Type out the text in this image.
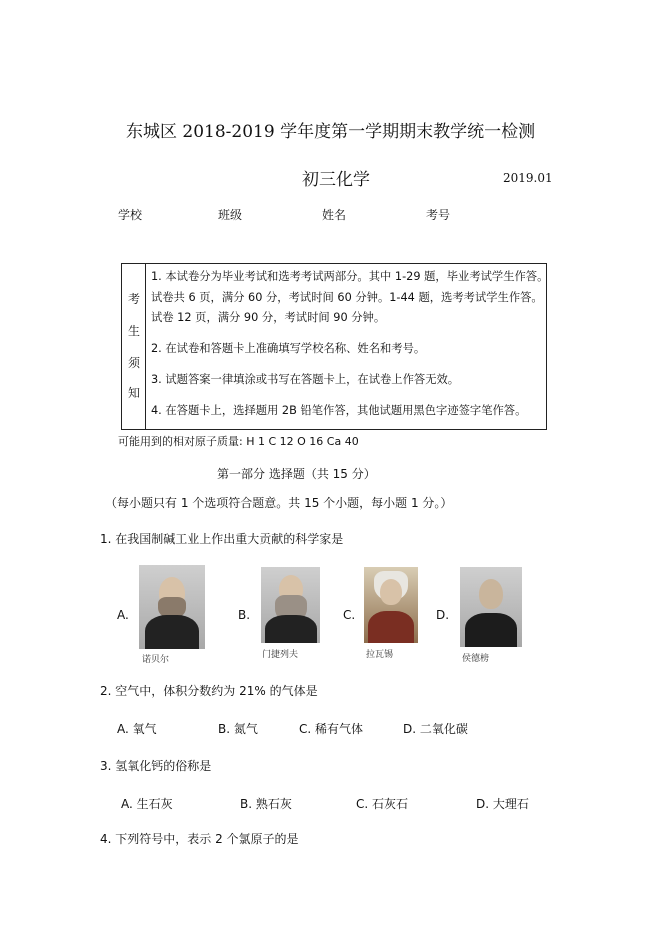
东城区 2018-2019 学年度第一学期期末教学统一检测
初三化学	2019.01
学校	班级	姓名	考号
考
生
须
知
1. 本试卷分为毕业考试和选考考试两部分。其中 1-29 题，毕业考试学生作答。
试卷共 6 页，满分 60 分，考试时间 60 分钟。1-44 题，选考考试学生作答。
试卷 12 页，满分 90 分，考试时间 90 分钟。
2. 在试卷和答题卡上准确填写学校名称、姓名和考号。
3. 试题答案一律填涂或书写在答题卡上，在试卷上作答无效。
4. 在答题卡上，选择题用 2B 铅笔作答，其他试题用黑色字迹签字笔作答。
可能用到的相对原子质量: H 1 C 12 O 16 Ca 40
第一部分 选择题（共 15 分）
（每小题只有 1 个选项符合题意。共 15 个小题，每小题 1 分。）
1. 在我国制碱工业上作出重大贡献的科学家是
A.
诺贝尔
B.
门捷列夫
C.
拉瓦锡
D.
侯德榜
2. 空气中，体积分数约为 21% 的气体是
A. 氧气	B. 氮气	C. 稀有气体	D. 二氧化碳
3. 氢氧化钙的俗称是
A. 生石灰	B. 熟石灰	C. 石灰石	D. 大理石
4. 下列符号中，表示 2 个氯原子的是
